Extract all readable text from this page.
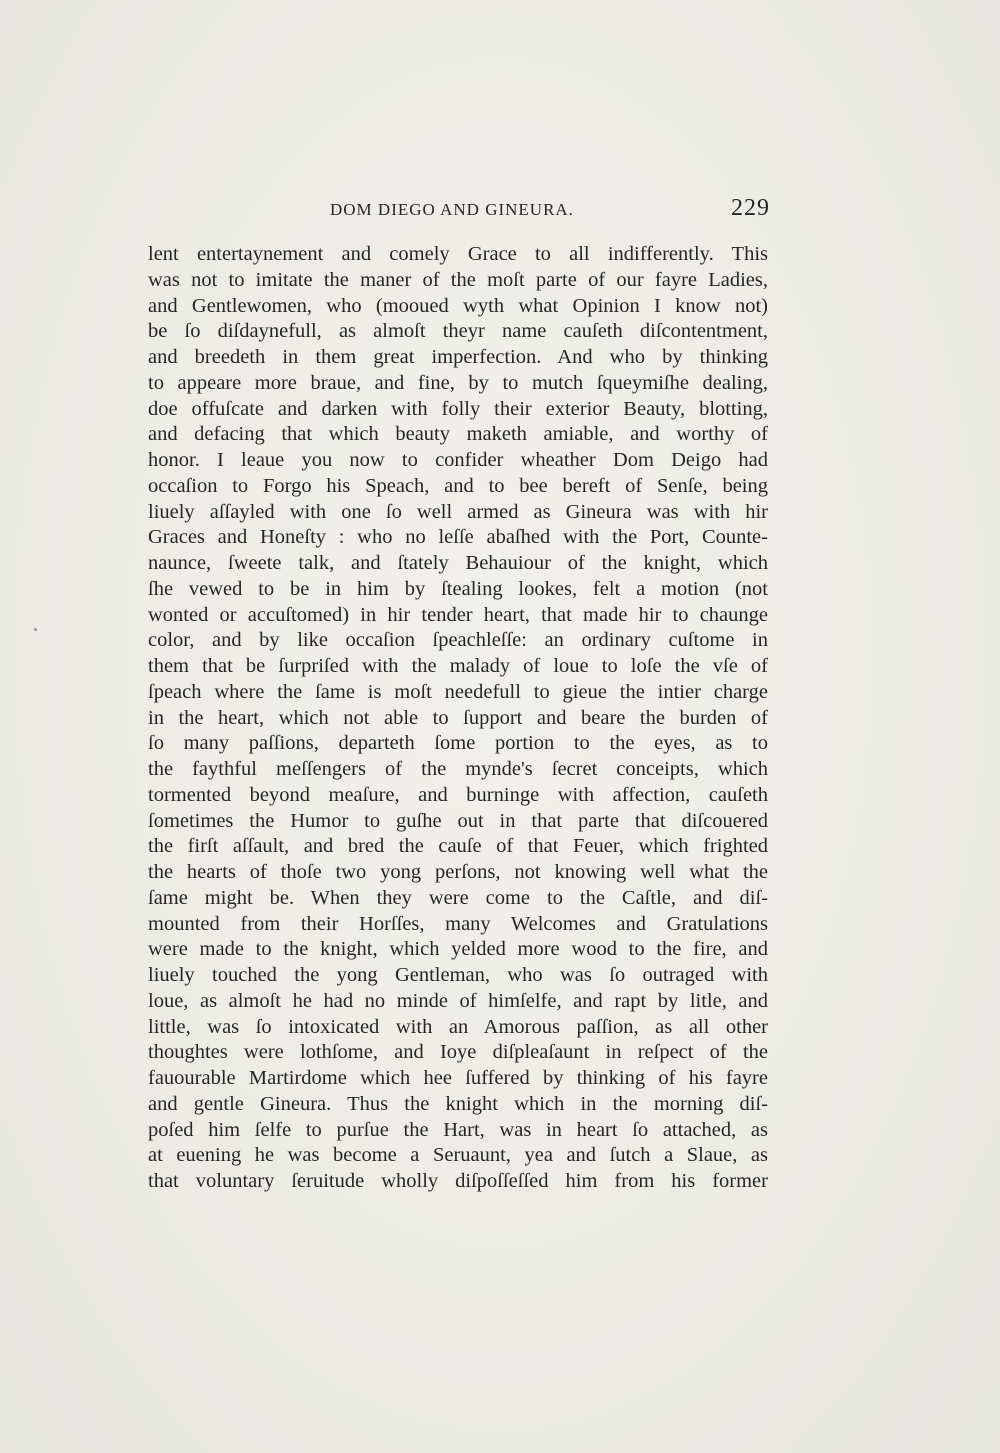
DOM DIEGO AND GINEURA.	229
lent entertaynement and comely Grace to all indifferently. This
was not to imitate the maner of the moſt parte of our fayre Ladies,
and Gentlewomen, who (mooued wyth what Opinion I know not)
be ſo diſdaynefull, as almoſt theyr name cauſeth diſcontentment,
and breedeth in them great imperfection. And who by thinking
to appeare more braue, and fine, by to mutch ſqueymiſhe dealing,
doe offuſcate and darken with folly their exterior Beauty, blotting,
and defacing that which beauty maketh amiable, and worthy of
honor. I leaue you now to confider wheather Dom Deigo had
occaſion to Forgo his Speach, and to bee bereft of Senſe, being
liuely aſſayled with one ſo well armed as Gineura was with hir
Graces and Honeſty : who no leſſe abaſhed with the Port, Counte-
naunce, ſweete talk, and ſtately Behauiour of the knight, which
ſhe vewed to be in him by ſtealing lookes, felt a motion (not
wonted or accuſtomed) in hir tender heart, that made hir to chaunge
color, and by like occaſion ſpeachleſſe: an ordinary cuſtome in
them that be ſurpriſed with the malady of loue to loſe the vſe of
ſpeach where the ſame is moſt needefull to gieue the intier charge
in the heart, which not able to ſupport and beare the burden of
ſo many paſſions, departeth ſome portion to the eyes, as to
the faythful meſſengers of the mynde's ſecret conceipts, which
tormented beyond meaſure, and burninge with affection, cauſeth
ſometimes the Humor to guſhe out in that parte that diſcouered
the firſt aſſault, and bred the cauſe of that Feuer, which frighted
the hearts of thoſe two yong perſons, not knowing well what the
ſame might be. When they were come to the Caſtle, and diſ-
mounted from their Horſſes, many Welcomes and Gratulations
were made to the knight, which yelded more wood to the fire, and
liuely touched the yong Gentleman, who was ſo outraged with
loue, as almoſt he had no minde of himſelfe, and rapt by litle, and
little, was ſo intoxicated with an Amorous paſſion, as all other
thoughtes were lothſome, and Ioye diſpleaſaunt in reſpect of the
fauourable Martirdome which hee ſuffered by thinking of his fayre
and gentle Gineura. Thus the knight which in the morning diſ-
poſed him ſelfe to purſue the Hart, was in heart ſo attached, as
at euening he was become a Seruaunt, yea and ſutch a Slaue, as
that voluntary ſeruitude wholly diſpoſſeſſed him from his former
